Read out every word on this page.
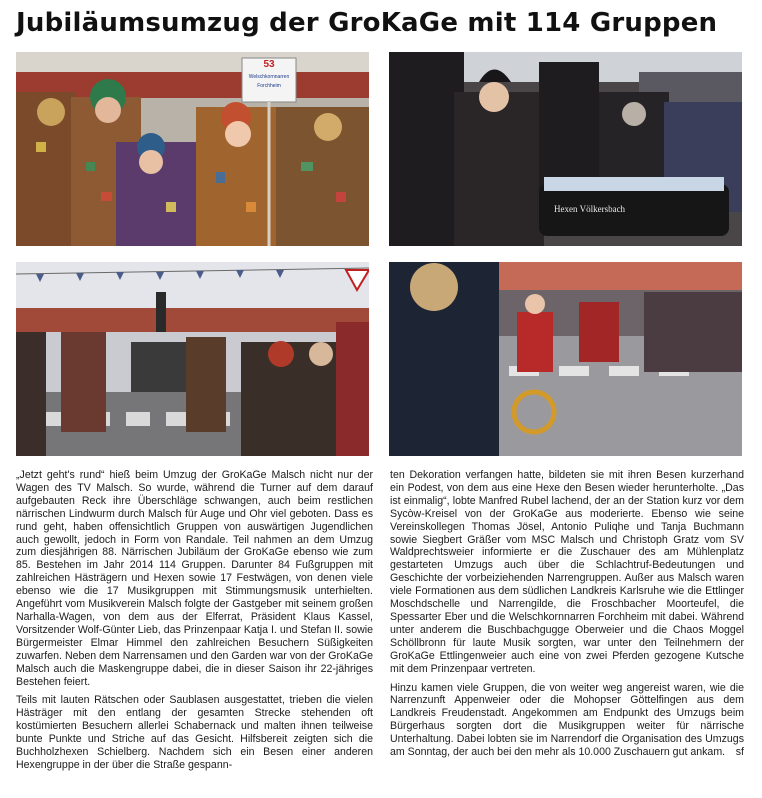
Jubiläumsumzug der GroKaGe mit 114 Gruppen
53
Welschkornnarren
Forchheim
Hexen Völkersbach

„Jetzt geht's rund“ hieß beim Umzug der GroKaGe Malsch nicht nur der Wagen des TV Malsch. So wurde, während die Turner auf dem darauf aufgebauten Reck ihre Überschläge schwangen, auch beim restlichen närrischen Lindwurm durch Malsch für Auge und Ohr viel geboten. Dass es rund geht, haben offensichtlich Gruppen von auswärtigen Jugendlichen auch gewollt, jedoch in Form von Randale. Teil nahmen an dem Umzug zum diesjährigen 88. Närrischen Jubiläum der GroKaGe ebenso wie zum 85. Bestehen im Jahr 2014 114 Gruppen. Darunter 84 Fußgruppen mit zahlreichen Hästrägern und Hexen sowie 17 Festwägen, von denen viele ebenso wie die 17 Musikgruppen mit Stimmungsmusik unterhielten. Angeführt vom Musikverein Malsch folgte der Gastgeber mit seinem großen Narhalla-Wagen, von dem aus der Elferrat, Präsident Klaus Kassel, Vorsitzender Wolf-Günter Lieb, das Prinzenpaar Katja I. und Stefan II. sowie Bürgermeister Elmar Himmel den zahlreichen Besuchern Süßigkeiten zuwarfen. Neben dem Narrensamen und den Garden war von der GroKaGe Malsch auch die Maskengruppe dabei, die in dieser Saison ihr 22-jähriges Bestehen feiert.

Teils mit lauten Rätschen oder Saublasen ausgestattet, trieben die vielen Hästräger mit den entlang der gesamten Strecke stehenden oft kostümierten Besuchern allerlei Schabernack und malten ihnen teilweise bunte Punkte und Striche auf das Gesicht. Hilfsbereit zeigten sich die Buchholzhexen Schielberg. Nachdem sich ein Besen einer anderen Hexengruppe in der über die Straße gespann-

ten Dekoration verfangen hatte, bildeten sie mit ihren Besen kurzerhand ein Podest, von dem aus eine Hexe den Besen wieder herunterholte. „Das ist einmalig“, lobte Manfred Rubel lachend, der an der Station kurz vor dem Sycòw-Kreisel von der GroKaGe aus moderierte. Ebenso wie seine Vereinskollegen Thomas Jösel, Antonio Puliqhe und Tanja Buchmann sowie Siegbert Gräßer vom MSC Malsch und Christoph Gratz vom SV Waldprechtsweier informierte er die Zuschauer des am Mühlenplatz gestarteten Umzugs auch über die Schlachtruf-Bedeutungen und Geschichte der vorbeiziehenden Narrengruppen. Außer aus Malsch waren viele Formationen aus dem südlichen Landkreis Karlsruhe wie die Ettlinger Moschdschelle und Narrengilde, die Froschbacher Moorteufel, die Spessarter Eber und die Welschkornnarren Forchheim mit dabei. Während unter anderem die Buschbachgugge Oberweier und die Chaos Moggel Schöllbronn für laute Musik sorgten, war unter den Teilnehmern der GroKaGe Ettlingenweier auch eine von zwei Pferden gezogene Kutsche mit dem Prinzenpaar vertreten.

Hinzu kamen viele Gruppen, die von weiter weg angereist waren, wie die Narrenzunft Appenweier oder die Mohopser Göttelfingen aus dem Landkreis Freudenstadt. Angekommen am Endpunkt des Umzugs beim Bürgerhaus sorgten dort die Musikgruppen weiter für närrische Unterhaltung. Dabei lobten sie im Narrendorf die Organisation des Umzugs am Sonntag, der auch bei den mehr als 10.000 Zuschauern gut ankam. sf
